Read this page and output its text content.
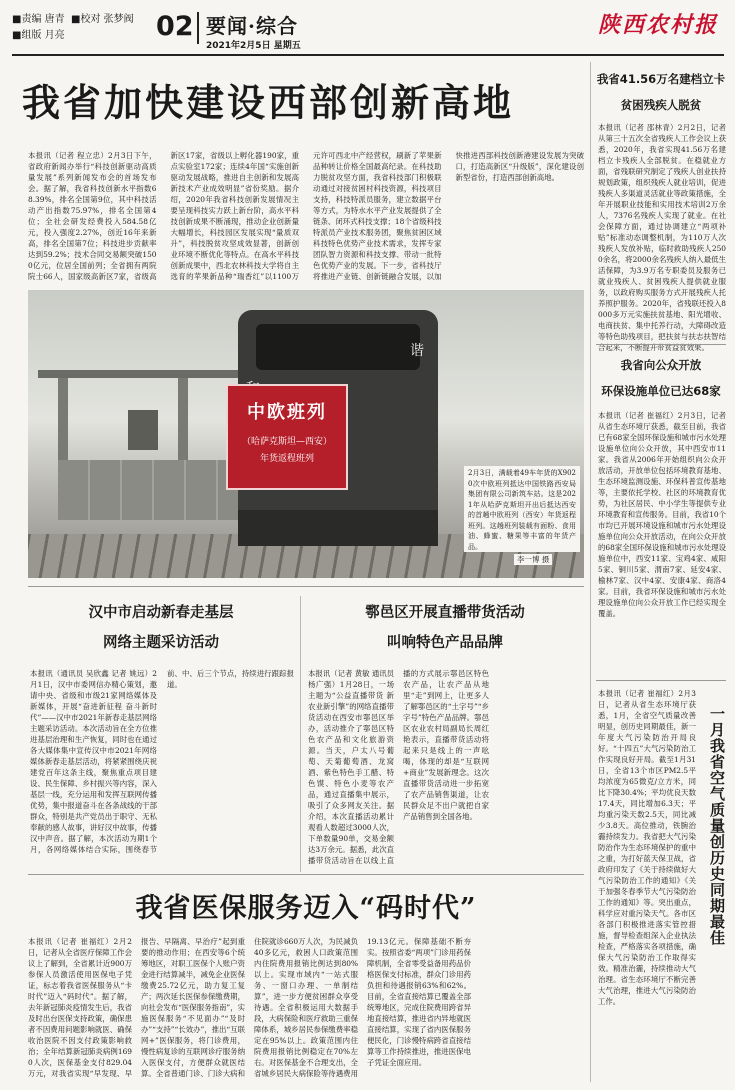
■责编 唐青 ■校对 张梦阀
■组版 月亮	02 要闻·综合
2021年2月5日 星期五
陕西农村报
我省加快建设西部创新高地
本报讯（记者 程立忠）2月3日下午，省政府新闻办举行“科技创新驱动高质量发展”系列新闻发布会的首场发布会。据了解，我省科技创新水平指数68.39%，排名全国第9位，其中科技活动产出指数75.97%，排名全国第4位；全社会研发经费投入584.58亿元，投入强度2.27%，创近16年来新高，排名全国第7位；科技进步贡献率达到59.2%；技术合同交易额突破1500亿元，位居全国前列；全省拥有两院院士66人，国家级高新区7家，省级高新区17家，省级以上孵化器190家，重点实验室172家；连续4年国“实施创新驱动发展战略，推进自主创新和发展高新技术产业成效明显”省份奖励。据介绍，2020年我省科技创新发展情况主要呈现科技实力跃上新台阶，高水平科技创新成果不断涌现，推动企业创新量大幅增长，科技园区发展实现“量质双升”，科技脱贫攻坚成效显著，创新创业环境不断优化等特点。在高水平科技创新成果中，西北农林科技大学将自主选育的苹果新品种“瑞香红”以1100万元许可西北中产经营权，刷新了苹果新品种转让价格全国最高纪录。在科技助力脱贫攻坚方面，我省科技部门积极联动通过对接贫困村科技资源，科技项目支持，科技特派员服务，建立数据平台等方式，为特水水平产业发展提供了全链条、闭环式科技支撑；18个省级科技特派员产业技术服务团，聚焦贫困区域科技特色优势产业技术需求，发挥专家团队智力资源和科技支撑、带动一批特色优势产业的发展。下一步，省科技厅将推进产业链、创新链融合发展，以加快推进西部科技创新港建设发展为突破口，打造高新区“升级版”，深化建设创新型省份，打造西部创新高地。
谐
中欧班列
（哈萨克斯坦—西安）
年货返程班列
2月3日，满载着49车年货的X9020次中欧班列抵达中国铁路西安局集团有限公司新筑车站。这是2021年从哈萨克斯坦开出后抵达西安的首趟中欧班列（西安）年货返程班列。这趟班列装载有面粉、食用油、蜂蜜、糖果等丰富的年货产品。
李一博 摄
我省41.56万名建档立卡
贫困残疾人脱贫
本报讯（记者 邵林青）2月2日，记者从第三十五次全省残疾人工作会议上获悉，2020年，我省实现41.56万名建档立卡残疾人全部脱贫。在稳就业方面，省残联研究制定了残疾人创业扶持规划政策，组织残疾人就业培训，促进残疾人多渠道灵活就业等政策措施，全年开展职业技能和实用技术培训2万余人，7376名残疾人实现了就业。在社会保障方面，通过协调建立“两项补贴”标准动态调整机制，为110万人次残疾人发放补贴，临时救助残疾人2500余名，将2000余名残疾人纳入最低生活保障，为3.9万名专职委员及服务已就业残疾人、贫困残疾人提供就业服务，以政府购买服务方式开展残疾人托养照护服务。2020年，省残联还投入8000多万元实施扶贫基地、阳光增收、电商扶贫、集中托养行动，大障碍改造等特色助残项目，把扶贫与扶志扶智结合起来，不断提升带贫益贫效果。
我省向公众开放
环保设施单位已达68家
本报讯（记者 崔福红）2月3日，记者从省生态环境厅获悉，截至目前，我省已有68家全国环保设施和城市污水处理设施单位向公众开放，其中西安市11家。我省从2006年开始组织向公众开放活动，开放单位包括环境教育基地、生态环境监测设施、环保科普宣传基地等，主要依托学校、社区的环境教育优势，为社区居民、中小学生等提供专业环境教育和宣传服务。目前，我省10个市均已开展环境设施和城市污水处理设施单位向公众开放活动，在向公众开放的68家全国环保设施和城市污水处理设施单位中，西安11家、宝鸡4家、咸阳5家、铜川5家、渭南7家、延安4家、榆林7家、汉中4家、安康4家、商洛4家。目前，我省环保设施和城市污水处理设施单位向公众开放工作已经实现全覆盖。
本报讯（记者 崔福红）2月3日，记者从省生态环境厅获悉，1月，全省空气质量改善明显，创历史同期最佳，新一年度大气污染防治开局良好。“十四五”大气污染防治工作实现良好开局。截至1月31日，全省13个市区PM2.5平均浓度为65微克/立方米，同比下降30.4%；平均优良天数17.4天，同比增加6.3天；平均重污染天数2.5天，同比减少3.8天。高位推动，铁腕治霾持续发力。我省把大气污染防治作为生态环境保护的重中之重，为打好蓝天保卫战，省政府印发了《关于持续做好大气污染防治工作的通知》《关于加强冬春季节大气污染防治工作的通知》等。突出重点，科学应对重污染天气。各市区各部门积极推进落实管控措施，督导检查组深入企业执法检查，严格落实各项措施，确保大气污染防治工作取得实效。精准治霾，持续推动大气治理。省生态环境厅不断完善大气治理，推进大气污染防治工作。
一月我省空气质量创历史同期最佳
汉中市启动新春走基层
网络主题采访活动
本报讯（通讯员 吴欣鑫 记者 姚远）2月1日，汉中市委网信办精心策划，邀请中央、省级和市级21家网络媒体及新媒体，开展“奋进新征程 奋斗新时代”——汉中市2021年新春走基层网络主题采访活动。本次活动旨在全方位推进基层治理和生产恢复，同时也在通过各大媒体集中宣传汉中市2021年网络媒体新春走基层活动，将紧紧围绕庆祝建党百年这条主线，聚焦重点项目建设、民生保障、乡村振兴等内容，深入基层一线，充分运用和发挥互联网传播优势，集中报道奋斗在各条战线的干部群众，特别是共产党员出于职守、无私奉献的感人故事，讲好汉中故事，传播汉中声音。据了解，本次活动为期1个月，各网络媒体结合实际，围绕春节前、中、后三个节点，持续进行跟踪报道。
鄠邑区开展直播带货活动
叫响特色产品品牌
本报讯（记者 黄敏 通讯员 杨广强）1月28日，一场主题为“公益直播带货 新农业新引擎”的网络直播带货活动在西安市鄠邑区举办，活动推介了鄠邑区特色农产品和文化旅游资源。当天，户太八号葡萄、天菊葡萄酒、龙窝酒、紫色特色手工醋、特色馍、特色小麦等农产品，通过直播集中展示，吸引了众多网友关注。据介绍，本次直播活动累计观看人数超过3000人次，下单数量90单，交易金额达3万余元。据悉，此次直播带货活动旨在以线上直播的方式展示鄠邑区特色农产品，让农产品从地里“走”到网上，让更多人了解鄠邑区的“土字号”“乡字号”特色产品品牌。鄠邑区农业农村局副局长周红艳表示，直播带货活动将起来只是线上的一声吆喝，体现的却是“互联网+商业”发展新理念。这次直播带货活动进一步拓宽了农产品销售渠道，让农民群众足不出户就把自家产品销售到全国各地。
我省医保服务迈入“码时代”
本报讯（记者 崔福红）2月2日，记者从全省医疗保障工作会议上了解到，全省累计近900万参保人员激活使用医保电子凭证，标志着我省医保服务从“卡时代”迈入“码时代”。据了解，去年新冠肺炎疫情发生后，我省及时出台医保支持政策，确保患者不因费用问题影响就医、确保收治医院不因支付政策影响救治；全年结算新冠肺炎病例1690人次，医保基金支付829.04万元，对我省实现“早发现、早报告、早隔离、早治疗”起到重要的推动作用；在西安等6个统筹地区，对职工医保个人账户资金进行结算减半，减免企业医保缴费25.72亿元，助力复工复产；两次延长医保参保缴费期，向社会发布“医保服务指南”，实施医保服务“不见面办”“及时办”“支持”“长效办”，推出“互联网+”医保服务，将门诊费用，慢性病复诊的互联网诊疗服务纳入医保支付，方便群众就医结算。全省普通门诊、门诊大病和住院就诊660万人次，为民减负40多亿元，救困人口政策范围内住院费用报销比例达到80%以上。实现市域内“一站式服务、一窗口办理、一单制结算”，进一步方便贫困群众享受待遇。全省积极运用大数据手段，大病保险和医疗救助三重保障体系，城乡居民参保缴费率稳定在95%以上。政策范围内住院费用报销比例稳定在70%左右。对医保基金不合理支出，全省城乡居民大病保险等待遇费用19.13亿元。保障基础不断夯实。按照省委“两项”门诊用药保障机制，全省零受益备用药品价格医保支付标准，群众门诊用药负担和待遇报销63%和62%。目前，全省直接结算已覆盖全部统筹地区，完成住院费用跨省异地直接结算，推进省内异地就医直接结算，实现了省内医保服务便民化，门诊慢特病跨省直接结算等工作持续推进，推进医保电子凭证全面应用。
